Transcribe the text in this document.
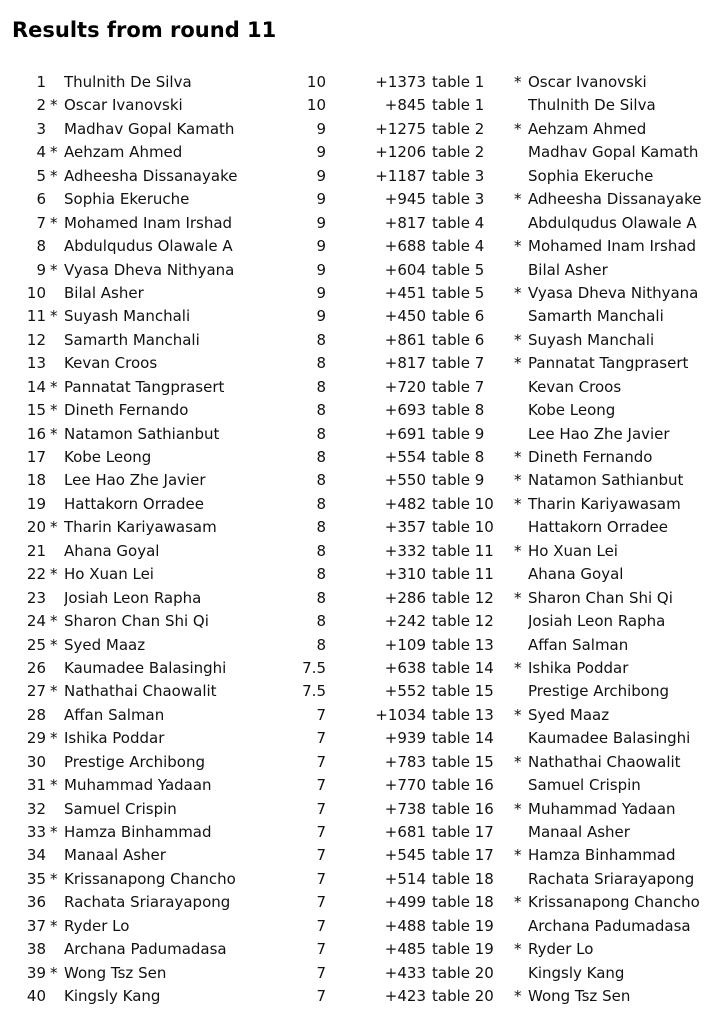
Results from round 11
1 Thulnith De Silva	10	+1373 table 1	* Oscar Ivanovski
2 * Oscar Ivanovski	10	+845 table 1	Thulnith De Silva
3 Madhav Gopal Kamath	9	+1275 table 2	* Aehzam Ahmed
4 * Aehzam Ahmed	9	+1206 table 2	Madhav Gopal Kamath
5 * Adheesha Dissanayake	9	+1187 table 3	Sophia Ekeruche
6 Sophia Ekeruche	9	+945 table 3	* Adheesha Dissanayake
7 * Mohamed Inam Irshad	9	+817 table 4	Abdulqudus Olawale A
8 Abdulqudus Olawale A	9	+688 table 4	* Mohamed Inam Irshad
9 * Vyasa Dheva Nithyana	9	+604 table 5	Bilal Asher
10 Bilal Asher	9	+451 table 5	* Vyasa Dheva Nithyana
11 * Suyash Manchali	9	+450 table 6	Samarth Manchali
12 Samarth Manchali	8	+861 table 6	* Suyash Manchali
13 Kevan Croos	8	+817 table 7	* Pannatat Tangprasert
14 * Pannatat Tangprasert	8	+720 table 7	Kevan Croos
15 * Dineth Fernando	8	+693 table 8	Kobe Leong
16 * Natamon Sathianbut	8	+691 table 9	Lee Hao Zhe Javier
17 Kobe Leong	8	+554 table 8	* Dineth Fernando
18 Lee Hao Zhe Javier	8	+550 table 9	* Natamon Sathianbut
19 Hattakorn Orradee	8	+482 table 10	* Tharin Kariyawasam
20 * Tharin Kariyawasam	8	+357 table 10	Hattakorn Orradee
21 Ahana Goyal	8	+332 table 11	* Ho Xuan Lei
22 * Ho Xuan Lei	8	+310 table 11	Ahana Goyal
23 Josiah Leon Rapha	8	+286 table 12	* Sharon Chan Shi Qi
24 * Sharon Chan Shi Qi	8	+242 table 12	Josiah Leon Rapha
25 * Syed Maaz	8	+109 table 13	Affan Salman
26 Kaumadee Balasinghi	7.5	+638 table 14	* Ishika Poddar
27 * Nathathai Chaowalit	7.5	+552 table 15	Prestige Archibong
28 Affan Salman	7	+1034 table 13	* Syed Maaz
29 * Ishika Poddar	7	+939 table 14	Kaumadee Balasinghi
30 Prestige Archibong	7	+783 table 15	* Nathathai Chaowalit
31 * Muhammad Yadaan	7	+770 table 16	Samuel Crispin
32 Samuel Crispin	7	+738 table 16	* Muhammad Yadaan
33 * Hamza Binhammad	7	+681 table 17	Manaal Asher
34 Manaal Asher	7	+545 table 17	* Hamza Binhammad
35 * Krissanapong Chancho	7	+514 table 18	Rachata Sriarayapong
36 Rachata Sriarayapong	7	+499 table 18	* Krissanapong Chancho
37 * Ryder Lo	7	+488 table 19	Archana Padumadasa
38 Archana Padumadasa	7	+485 table 19	* Ryder Lo
39 * Wong Tsz Sen	7	+433 table 20	Kingsly Kang
40 Kingsly Kang	7	+423 table 20	* Wong Tsz Sen
